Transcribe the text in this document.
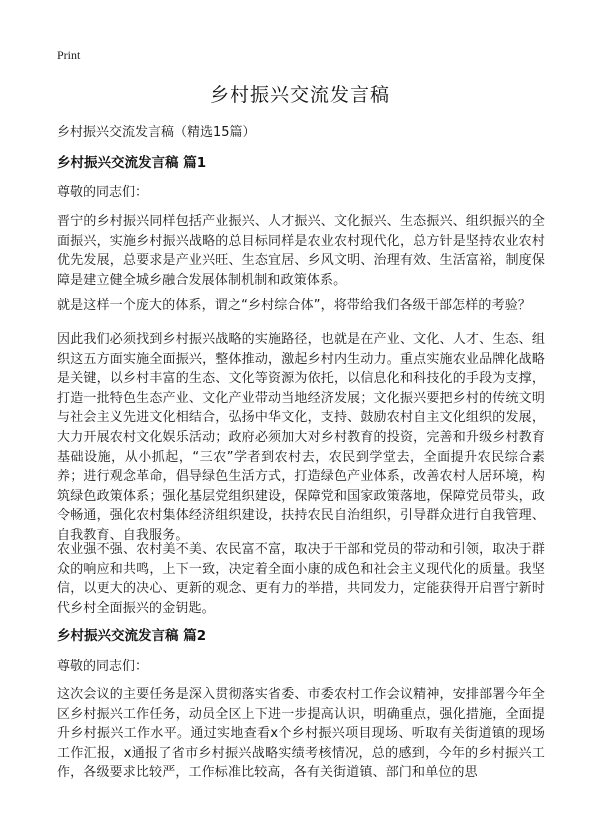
Print
乡村振兴交流发言稿

乡村振兴交流发言稿（精选15篇）

乡村振兴交流发言稿 篇1

尊敬的同志们：

晋宁的乡村振兴同样包括产业振兴、人才振兴、文化振兴、生态振兴、组织振兴的全面振兴，实施乡村振兴战略的总目标同样是农业农村现代化，总方针是坚持农业农村优先发展，总要求是产业兴旺、生态宜居、乡风文明、治理有效、生活富裕，制度保障是建立健全城乡融合发展体制机制和政策体系。

就是这样一个庞大的体系，谓之“乡村综合体”，将带给我们各级干部怎样的考验？

因此我们必须找到乡村振兴战略的实施路径，也就是在产业、文化、人才、生态、组织这五方面实施全面振兴，整体推动，激起乡村内生动力。重点实施农业品牌化战略是关键，以乡村丰富的生态、文化等资源为依托，以信息化和科技化的手段为支撑，打造一批特色生态产业、文化产业带动当地经济发展；文化振兴要把乡村的传统文明与社会主义先进文化相结合，弘扬中华文化，支持、鼓励农村自主文化组织的发展，大力开展农村文化娱乐活动；政府必须加大对乡村教育的投资，完善和升级乡村教育基础设施，从小抓起，“三农”学者到农村去，农民到学堂去，全面提升农民综合素养；进行观念革命，倡导绿色生活方式，打造绿色产业体系，改善农村人居环境，构筑绿色政策体系；强化基层党组织建设，保障党和国家政策落地，保障党员带头，政令畅通，强化农村集体经济组织建设，扶持农民自治组织，引导群众进行自我管理、自我教育、自我服务。

农业强不强、农村美不美、农民富不富，取决于干部和党员的带动和引领，取决于群众的响应和共鸣，上下一致，决定着全面小康的成色和社会主义现代化的质量。我坚信，以更大的决心、更新的观念、更有力的举措，共同发力，定能获得开启晋宁新时代乡村全面振兴的金钥匙。

乡村振兴交流发言稿 篇2

尊敬的同志们：

这次会议的主要任务是深入贯彻落实省委、市委农村工作会议精神，安排部署今年全区乡村振兴工作任务，动员全区上下进一步提高认识，明确重点，强化措施，全面提升乡村振兴工作水平。通过实地查看x个乡村振兴项目现场、听取有关街道镇的现场工作汇报，x通报了省市乡村振兴战略实绩考核情况，总的感到，今年的乡村振兴工作，各级要求比较严，工作标准比较高，各有关街道镇、部门和单位的思
